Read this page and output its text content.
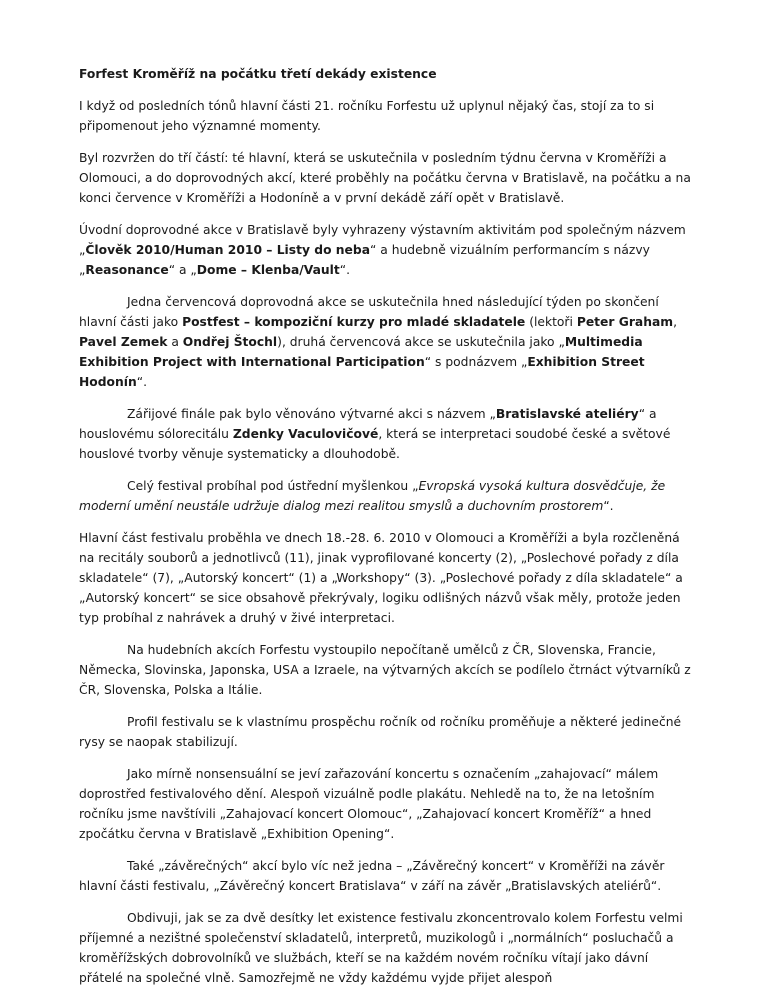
Forfest Kroměříž na počátku třetí dekády existence

I když od posledních tónů hlavní části 21. ročníku Forfestu už uplynul nějaký čas, stojí za to si připomenout jeho významné momenty.

Byl rozvržen do tří částí: té hlavní, která se uskutečnila v posledním týdnu června v Kroměříži a Olomouci, a do doprovodných akcí, které proběhly na počátku června v Bratislavě, na počátku a na konci července v Kroměříži a Hodoníně a v první dekádě září opět v Bratislavě.

Úvodní doprovodné akce v Bratislavě byly vyhrazeny výstavním aktivitám pod společným názvem „Člověk 2010/Human 2010 – Listy do neba“ a hudebně vizuálním performancím s názvy „Reasonance“ a „Dome – Klenba/Vault“.

Jedna červencová doprovodná akce se uskutečnila hned následující týden po skončení hlavní části jako Postfest – kompoziční kurzy pro mladé skladatele (lektoři Peter Graham, Pavel Zemek a Ondřej Štochl), druhá červencová akce se uskutečnila jako „Multimedia Exhibition Project with International Participation“ s podnázvem „Exhibition Street Hodonín“.

Zářijové finále pak bylo věnováno výtvarné akci s názvem „Bratislavské ateliéry“ a houslovému sólorecitálu Zdenky Vaculovičové, která se interpretaci soudobé české a světové houslové tvorby věnuje systematicky a dlouhodobě.

Celý festival probíhal pod ústřední myšlenkou „Evropská vysoká kultura dosvědčuje, že moderní umění neustále udržuje dialog mezi realitou smyslů a duchovním prostorem“.

Hlavní část festivalu proběhla ve dnech 18.-28. 6. 2010 v Olomouci a Kroměříži a byla rozčleněná na recitály souborů a jednotlivců (11), jinak vyprofilované koncerty (2), „Poslechové pořady z díla skladatele“ (7), „Autorský koncert“ (1) a „Workshopy“ (3). „Poslechové pořady z díla skladatele“ a „Autorský koncert“ se sice obsahově překrývaly, logiku odlišných názvů však měly, protože jeden typ probíhal z nahrávek a druhý v živé interpretaci.

Na hudebních akcích Forfestu vystoupilo nepočítaně umělců z ČR, Slovenska, Francie, Německa, Slovinska, Japonska, USA a Izraele, na výtvarných akcích se podílelo čtrnáct výtvarníků z ČR, Slovenska, Polska a Itálie.

Profil festivalu se k vlastnímu prospěchu ročník od ročníku proměňuje a některé jedinečné rysy se naopak stabilizují.

Jako mírně nonsensuální se jeví zařazování koncertu s označením „zahajovací“ málem doprostřed festivalového dění. Alespoň vizuálně podle plakátu. Nehledě na to, že na letošním ročníku jsme navštívili „Zahajovací koncert Olomouc“, „Zahajovací koncert Kroměříž“ a hned zpočátku června v Bratislavě „Exhibition Opening“.

Také „závěrečných“ akcí bylo víc než jedna – „Závěrečný koncert“ v Kroměříži na závěr hlavní části festivalu, „Závěrečný koncert Bratislava“ v září na závěr „Bratislavských ateliérů“.

Obdivuji, jak se za dvě desítky let existence festivalu zkoncentrovalo kolem Forfestu velmi příjemné a nezištné společenství skladatelů, interpretů, muzikologů i „normálních“ posluchačů a kroměřížských dobrovolníků ve službách, kteří se na každém novém ročníku vítají jako dávní přátelé na společné vlně. Samozřejmě ne vždy každému vyjde přijet alespoň
